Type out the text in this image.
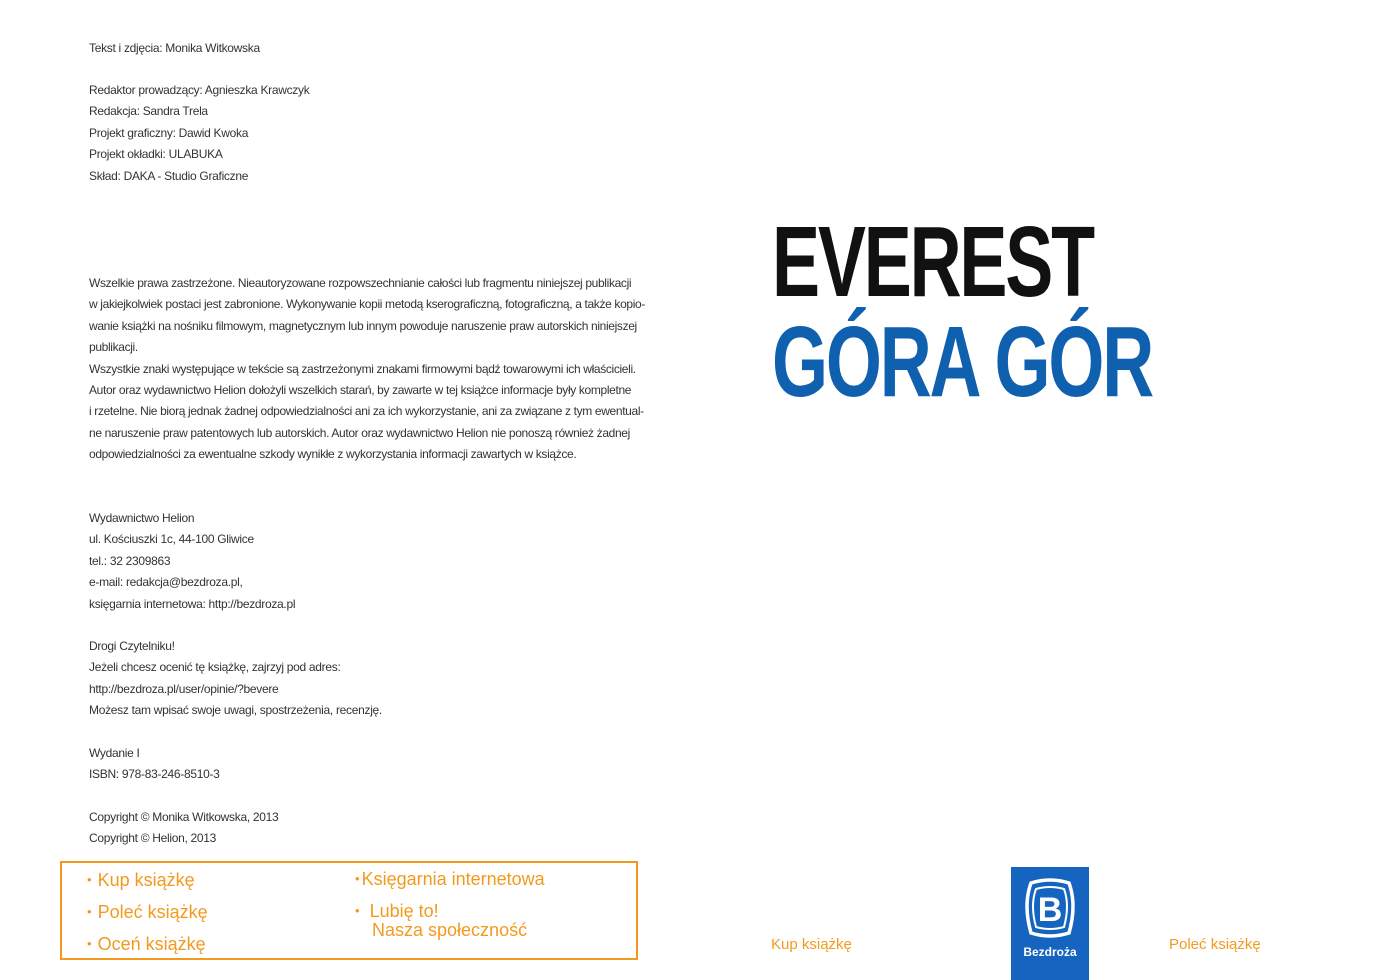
Tekst i zdjęcia: Monika Witkowska
Redaktor prowadzący: Agnieszka Krawczyk
Redakcja: Sandra Trela
Projekt graficzny: Dawid Kwoka
Projekt okładki: ULABUKA
Skład: DAKA - Studio Graficzne
Wszelkie prawa zastrzeżone. Nieautoryzowane rozpowszechnianie całości lub fragmentu niniejszej publikacji
w jakiejkolwiek postaci jest zabronione. Wykonywanie kopii metodą kserograficzną, fotograficzną, a także kopio-
wanie książki na nośniku filmowym, magnetycznym lub innym powoduje naruszenie praw autorskich niniejszej
publikacji.
Wszystkie znaki występujące w tekście są zastrzeżonymi znakami firmowymi bądź towarowymi ich właścicieli.
Autor oraz wydawnictwo Helion dołożyli wszelkich starań, by zawarte w tej książce informacje były kompletne
i rzetelne. Nie biorą jednak żadnej odpowiedzialności ani za ich wykorzystanie, ani za związane z tym ewentual-
ne naruszenie praw patentowych lub autorskich. Autor oraz wydawnictwo Helion nie ponoszą również żadnej
odpowiedzialności za ewentualne szkody wynikłe z wykorzystania informacji zawartych w książce.
Wydawnictwo Helion
ul. Kościuszki 1c, 44-100 Gliwice
tel.: 32 2309863
e-mail: redakcja@bezdroza.pl,
księgarnia internetowa: http://bezdroza.pl
Drogi Czytelniku!
Jeżeli chcesz ocenić tę książkę, zajrzyj pod adres:
http://bezdroza.pl/user/opinie/?bevere
Możesz tam wpisać swoje uwagi, spostrzeżenia, recenzję.
Wydanie I
ISBN: 978-83-246-8510-3
Copyright © Monika Witkowska, 2013
Copyright © Helion, 2013
• Kup książkę
• Poleć książkę
• Oceń książkę
• Księgarnia internetowa
• Lubię to!
Nasza społeczność
EVEREST
GÓRA GÓR
B
Bezdroża
Kup książkę	Poleć książkę
